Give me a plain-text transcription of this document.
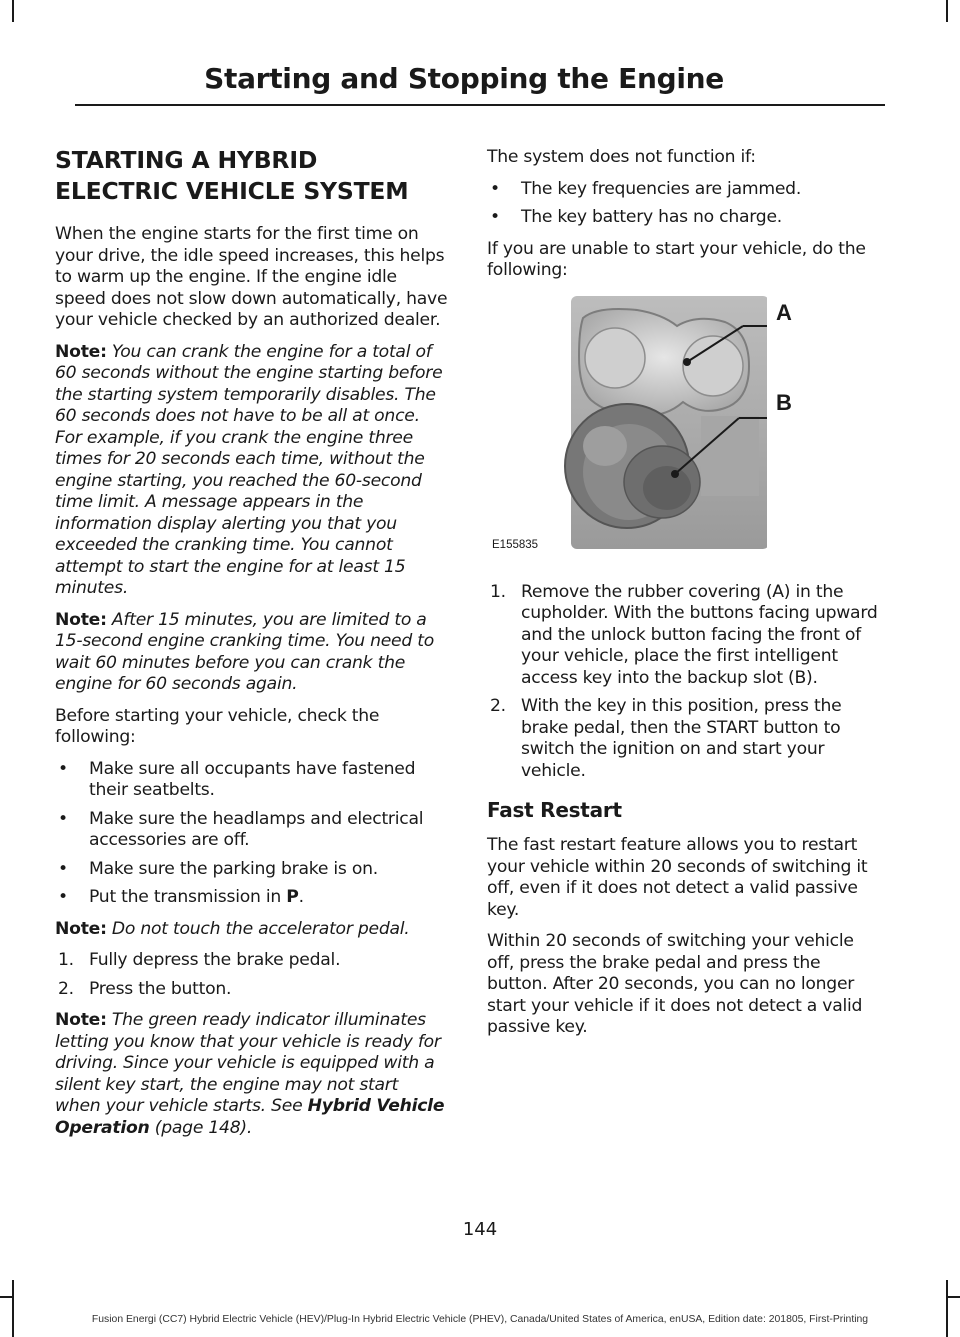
Starting and Stopping the Engine
STARTING A HYBRID
ELECTRIC VEHICLE SYSTEM

When the engine starts for the first time on your drive, the idle speed increases, this helps to warm up the engine. If the engine idle speed does not slow down automatically, have your vehicle checked by an authorized dealer.

Note: You can crank the engine for a total of 60 seconds without the engine starting before the starting system temporarily disables. The 60 seconds does not have to be all at once. For example, if you crank the engine three times for 20 seconds each time, without the engine starting, you reached the 60-second time limit. A message appears in the information display alerting you that you exceeded the cranking time. You cannot attempt to start the engine for at least 15 minutes.

Note: After 15 minutes, you are limited to a 15-second engine cranking time. You need to wait 60 minutes before you can crank the engine for 60 seconds again.

Before starting your vehicle, check the following:

• Make sure all occupants have fastened their seatbelts.
• Make sure the headlamps and electrical accessories are off.
• Make sure the parking brake is on.
• Put the transmission in P.

Note: Do not touch the accelerator pedal.

1. Fully depress the brake pedal.
2. Press the button.

Note: The green ready indicator illuminates letting you know that your vehicle is ready for driving. Since your vehicle is equipped with a silent key start, the engine may not start when your vehicle starts. See Hybrid Vehicle Operation (page 148).

The system does not function if:

• The key frequencies are jammed.
• The key battery has no charge.

If you are unable to start your vehicle, do the following:

A
B
E155835
1. Remove the rubber covering (A) in the cupholder. With the buttons facing upward and the unlock button facing the front of your vehicle, place the first intelligent access key into the backup slot (B).
2. With the key in this position, press the brake pedal, then the START button to switch the ignition on and start your vehicle.
Fast Restart

The fast restart feature allows you to restart your vehicle within 20 seconds of switching it off, even if it does not detect a valid passive key.

Within 20 seconds of switching your vehicle off, press the brake pedal and press the button. After 20 seconds, you can no longer start your vehicle if it does not detect a valid passive key.

144
Fusion Energi (CC7) Hybrid Electric Vehicle (HEV)/Plug-In Hybrid Electric Vehicle (PHEV), Canada/United States of America, enUSA, Edition date: 201805, First-Printing
